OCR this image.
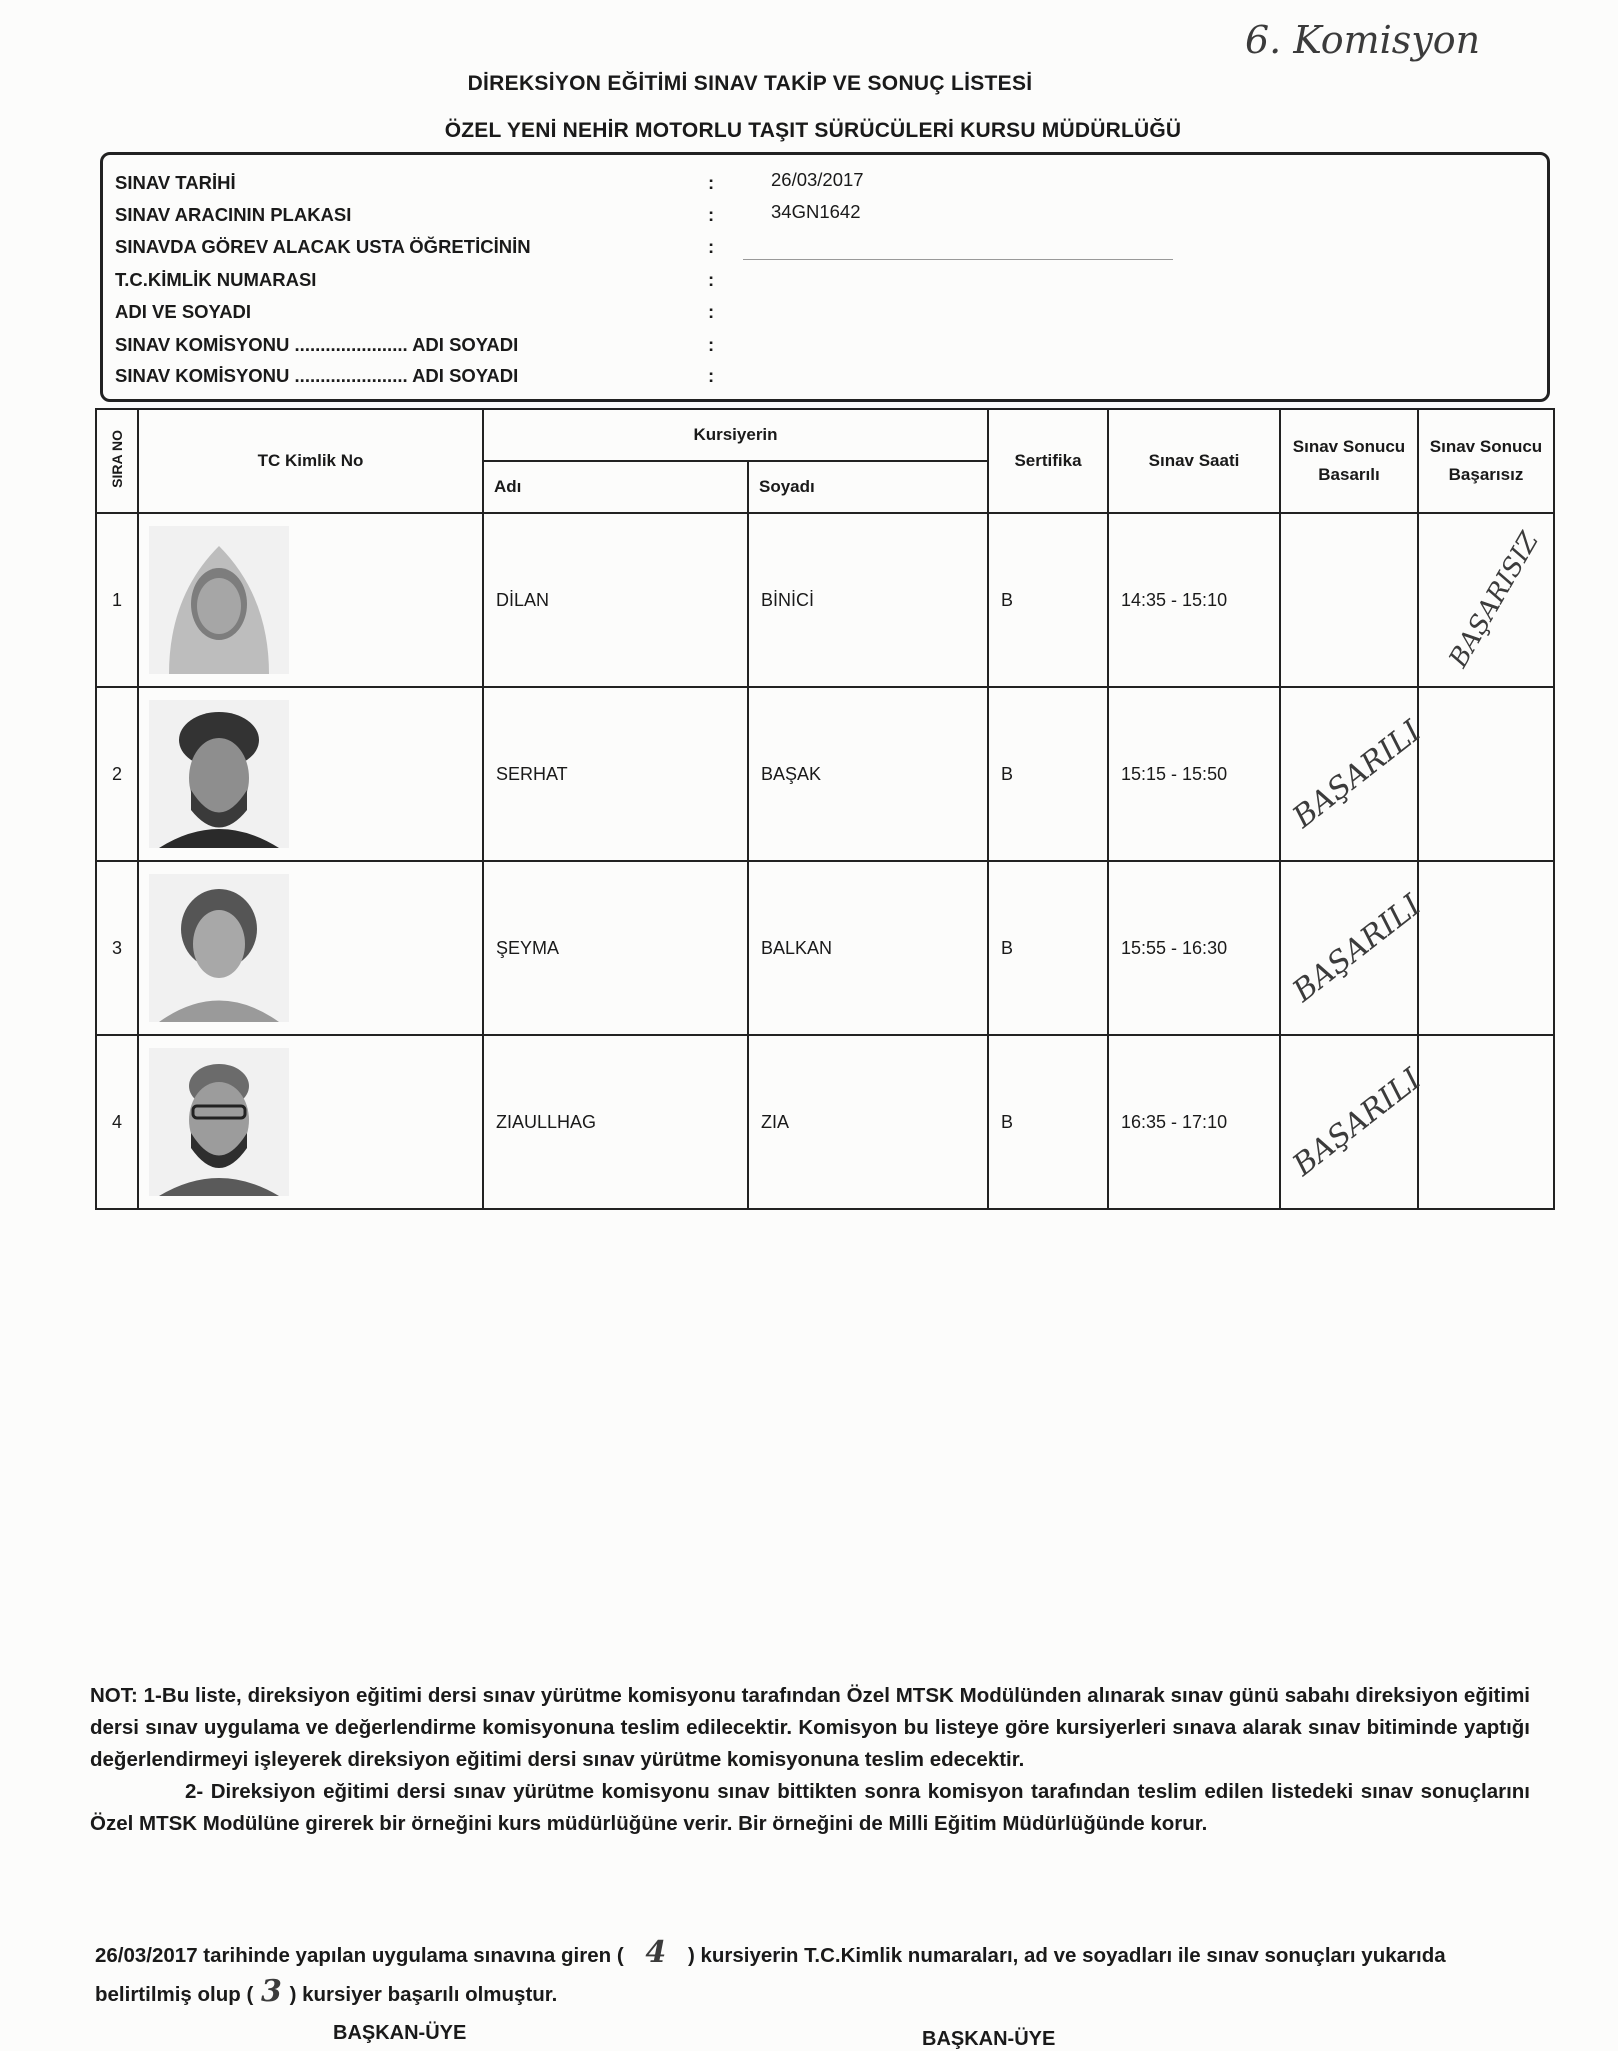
6. Komisyon
DİREKSİYON EĞİTİMİ SINAV TAKİP VE SONUÇ LİSTESİ
ÖZEL YENİ NEHİR MOTORLU TAŞIT SÜRÜCÜLERİ KURSU MÜDÜRLÜĞÜ
SINAV TARİHİ	:	26/03/2017
SINAV ARACININ PLAKASI	:	34GN1642
SINAVDA GÖREV ALACAK USTA ÖĞRETİCİNİN	:
T.C.KİMLİK NUMARASI	:
ADI VE SOYADI	:
SINAV KOMİSYONU ...................... ADI SOYADI	:
SINAV KOMİSYONU ...................... ADI SOYADI	:
SIRA NO	TC Kimlik No	Kursiyerin		Sertifika	Sınav Saati	Sınav Sonucu Basarılı	Sınav Sonucu Başarısız
		Adı	Soyadı				
1		DİLAN	BİNİCİ	B	14:35 - 15:10		BAŞARISIZ
2		SERHAT	BAŞAK	B	15:15 - 15:50	BAŞARILI	
3		ŞEYMA	BALKAN	B	15:55 - 16:30	BAŞARILI	
4		ZIAULLHAG	ZIA	B	16:35 - 17:10	BAŞARILI	

NOT: 1-Bu liste, direksiyon eğitimi dersi sınav yürütme komisyonu tarafından Özel MTSK Modülünden alınarak sınav günü sabahı direksiyon eğitimi dersi sınav uygulama ve değerlendirme komisyonuna teslim edilecektir. Komisyon bu listeye göre kursiyerleri sınava alarak sınav bitiminde yaptığı değerlendirmeyi işleyerek direksiyon eğitimi dersi sınav yürütme komisyonuna teslim edecektir.

2- Direksiyon eğitimi dersi sınav yürütme komisyonu sınav bittikten sonra komisyon tarafından teslim edilen listedeki sınav sonuçlarını Özel MTSK Modülüne girerek bir örneğini kurs müdürlüğüne verir. Bir örneğini de Milli Eğitim Müdürlüğünde korur.

26/03/2017 tarihinde yapılan uygulama sınavına giren ( 4 ) kursiyerin T.C.Kimlik numaraları, ad ve soyadları ile sınav sonuçları yukarıda belirtilmiş olup ( 3 ) kursiyer başarılı olmuştur.
BAŞKAN-ÜYE	BAŞKAN-ÜYE
